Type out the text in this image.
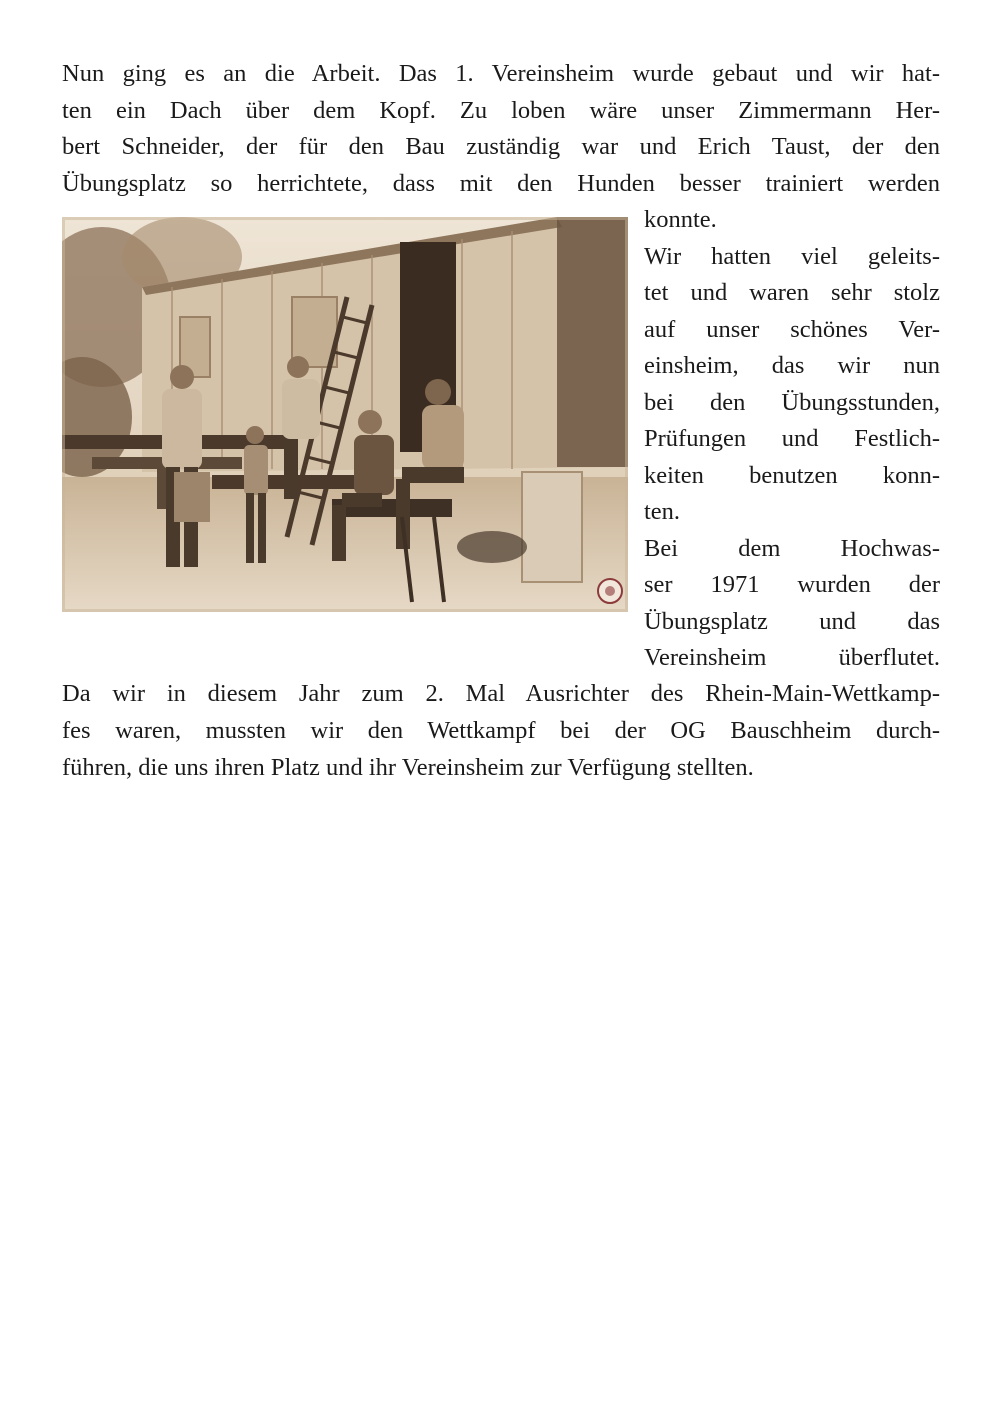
Nun ging es an die Arbeit. Das 1. Vereinsheim wurde gebaut und wir hat-
ten ein Dach über dem Kopf. Zu loben wäre unser Zimmermann Her-
bert Schneider, der für den Bau zuständig war und Erich Taust, der den
Übungsplatz so herrichtete, dass mit den Hunden besser trainiert werden
konnte.
Wir hatten viel geleits-
tet und waren sehr stolz
auf unser schönes Ver-
einsheim, das wir nun
bei den Übungsstunden,
Prüfungen und Festlich-
keiten benutzen konn-
ten.
Bei dem Hochwas-
ser 1971 wurden der
Übungsplatz und das
Vereinsheim überflutet.
Da wir in diesem Jahr zum 2. Mal Ausrichter des Rhein-Main-Wettkamp-
fes waren, mussten wir den Wettkampf bei der OG Bauschheim durch-
führen, die uns ihren Platz und ihr Vereinsheim zur Verfügung stellten.
